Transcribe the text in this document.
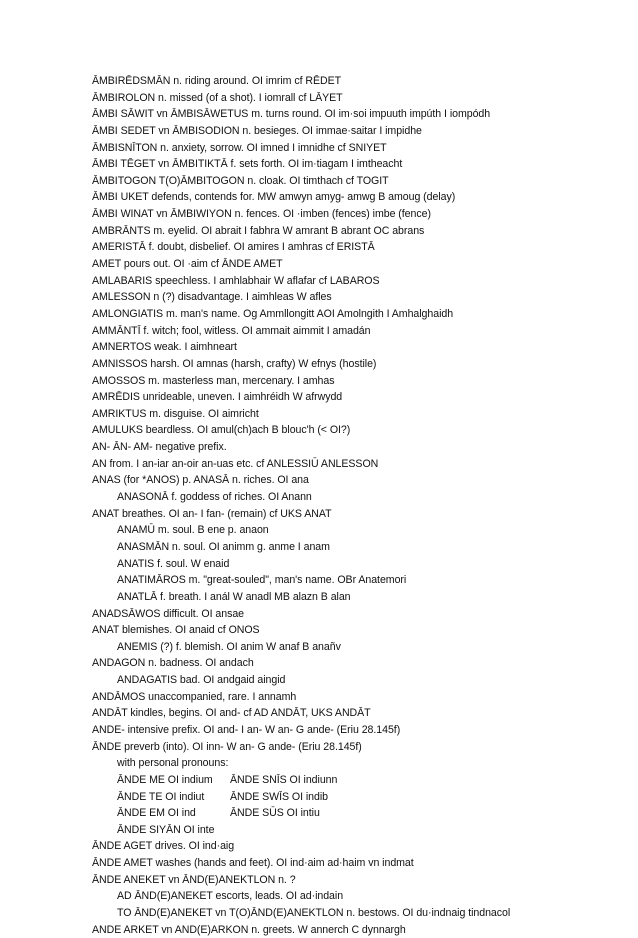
ĀMBIRĒDSMĀN n. riding around. OI imrim cf RĒDET
ĀMBIROLON n. missed (of a shot). I iomrall cf LĀYET
ĀMBI SĀWIT vn ĀMBISĀWETUS m. turns round. OI im·soi impuuth impúth I iompódh
ĀMBI SEDET vn ĀMBISODION n. besieges. OI immae·saitar I impidhe
ĀMBISNĪTON n. anxiety, sorrow. OI imned I imnidhe cf SNIYET
ĀMBI TĒGET vn ĀMBITIKTĀ f. sets forth. OI im·tiagam I imtheacht
ĀMBITOGON T(O)ĀMBITOGON n. cloak. OI timthach cf TOGIT
ĀMBI UKET defends, contends for. MW amwyn amyg- amwg B amoug (delay)
ĀMBI WINAT vn ĀMBIWIYON n. fences. OI ·imben (fences) imbe (fence)
AMBRĀNTS m. eyelid. OI abrait I fabhra W amrant B abrant OC abrans
AMERISTĀ f. doubt, disbelief. OI amires I amhras cf ERISTĀ
AMET pours out. OI ·aim cf ĀNDE AMET
AMLABARIS speechless. I amhlabhair W aflafar cf LABAROS
AMLESSON n (?) disadvantage. I aimhleas W afles
AMLONGIATIS m. man's name. Og Ammllongitt AOI Amolngith I Amhalghaidh
AMMĀNTĪ f. witch; fool, witless. OI ammait aimmit I amadán
AMNERTOS weak. I aimhneart
AMNISSOS harsh. OI amnas (harsh, crafty) W efnys (hostile)
AMOSSOS m. masterless man, mercenary. I amhas
AMRĒDIS unrideable, uneven. I aimhréidh W afrwydd
AMRIKTUS m. disguise. OI aimricht
AMULUKS beardless. OI amul(ch)ach B blouc'h (< OI?)
AN- ĀN- AM- negative prefix.
AN from. I an-iar an-oir an-uas etc. cf ANLESSIŪ ANLESSON
ANAS (for *ANOS) p. ANASĀ n. riches. OI ana
ANASONĀ f. goddess of riches. OI Anann
ANAT breathes. OI an- I fan- (remain) cf UKS ANAT
ANAMŪ m. soul. B ene p. anaon
ANASMĀN n. soul. OI animm g. anme I anam
ANATIS f. soul. W enaid
ANATIMĀROS m. "great-souled", man's name. OBr Anatemori
ANATLĀ f. breath. I anál W anadl MB alazn B alan
ANADSĀWOS difficult. OI ansae
ANAT blemishes. OI anaid cf ONOS
ANEMIS (?) f. blemish. OI anim W anaf B anañv
ANDAGON n. badness. OI andach
ANDAGATIS bad. OI andgaid aingid
ANDĀMOS unaccompanied, rare. I annamh
ANDĀT kindles, begins. OI and- cf AD ANDĀT, UKS ANDĀT
ANDE- intensive prefix. OI and- I an- W an- G ande- (Eriu 28.145f)
ĀNDE preverb (into). OI inn- W an- G ande- (Eriu 28.145f)
with personal pronouns:
ĀNDE ME OI indium	ĀNDE SNĪS OI indiunn
ĀNDE TE OI indiut	ĀNDE SWĪS OI indib
ĀNDE EM OI ind	ĀNDE SŪS OI intiu
ĀNDE SIYĀN OI inte
ĀNDE AGET drives. OI ind·aig
ĀNDE AMET washes (hands and feet). OI ind·aim ad·haim vn indmat
ĀNDE ANEKET vn ĀND(E)ANEKTLON n. ?
AD ĀND(E)ANEKET escorts, leads. OI ad·indain
TO ĀND(E)ANEKET vn T(O)ĀND(E)ANEKTLON n. bestows. OI du·indnaig tindnacol
ANDE ARKET vn AND(E)ARKON n. greets. W annerch C dynnargh
